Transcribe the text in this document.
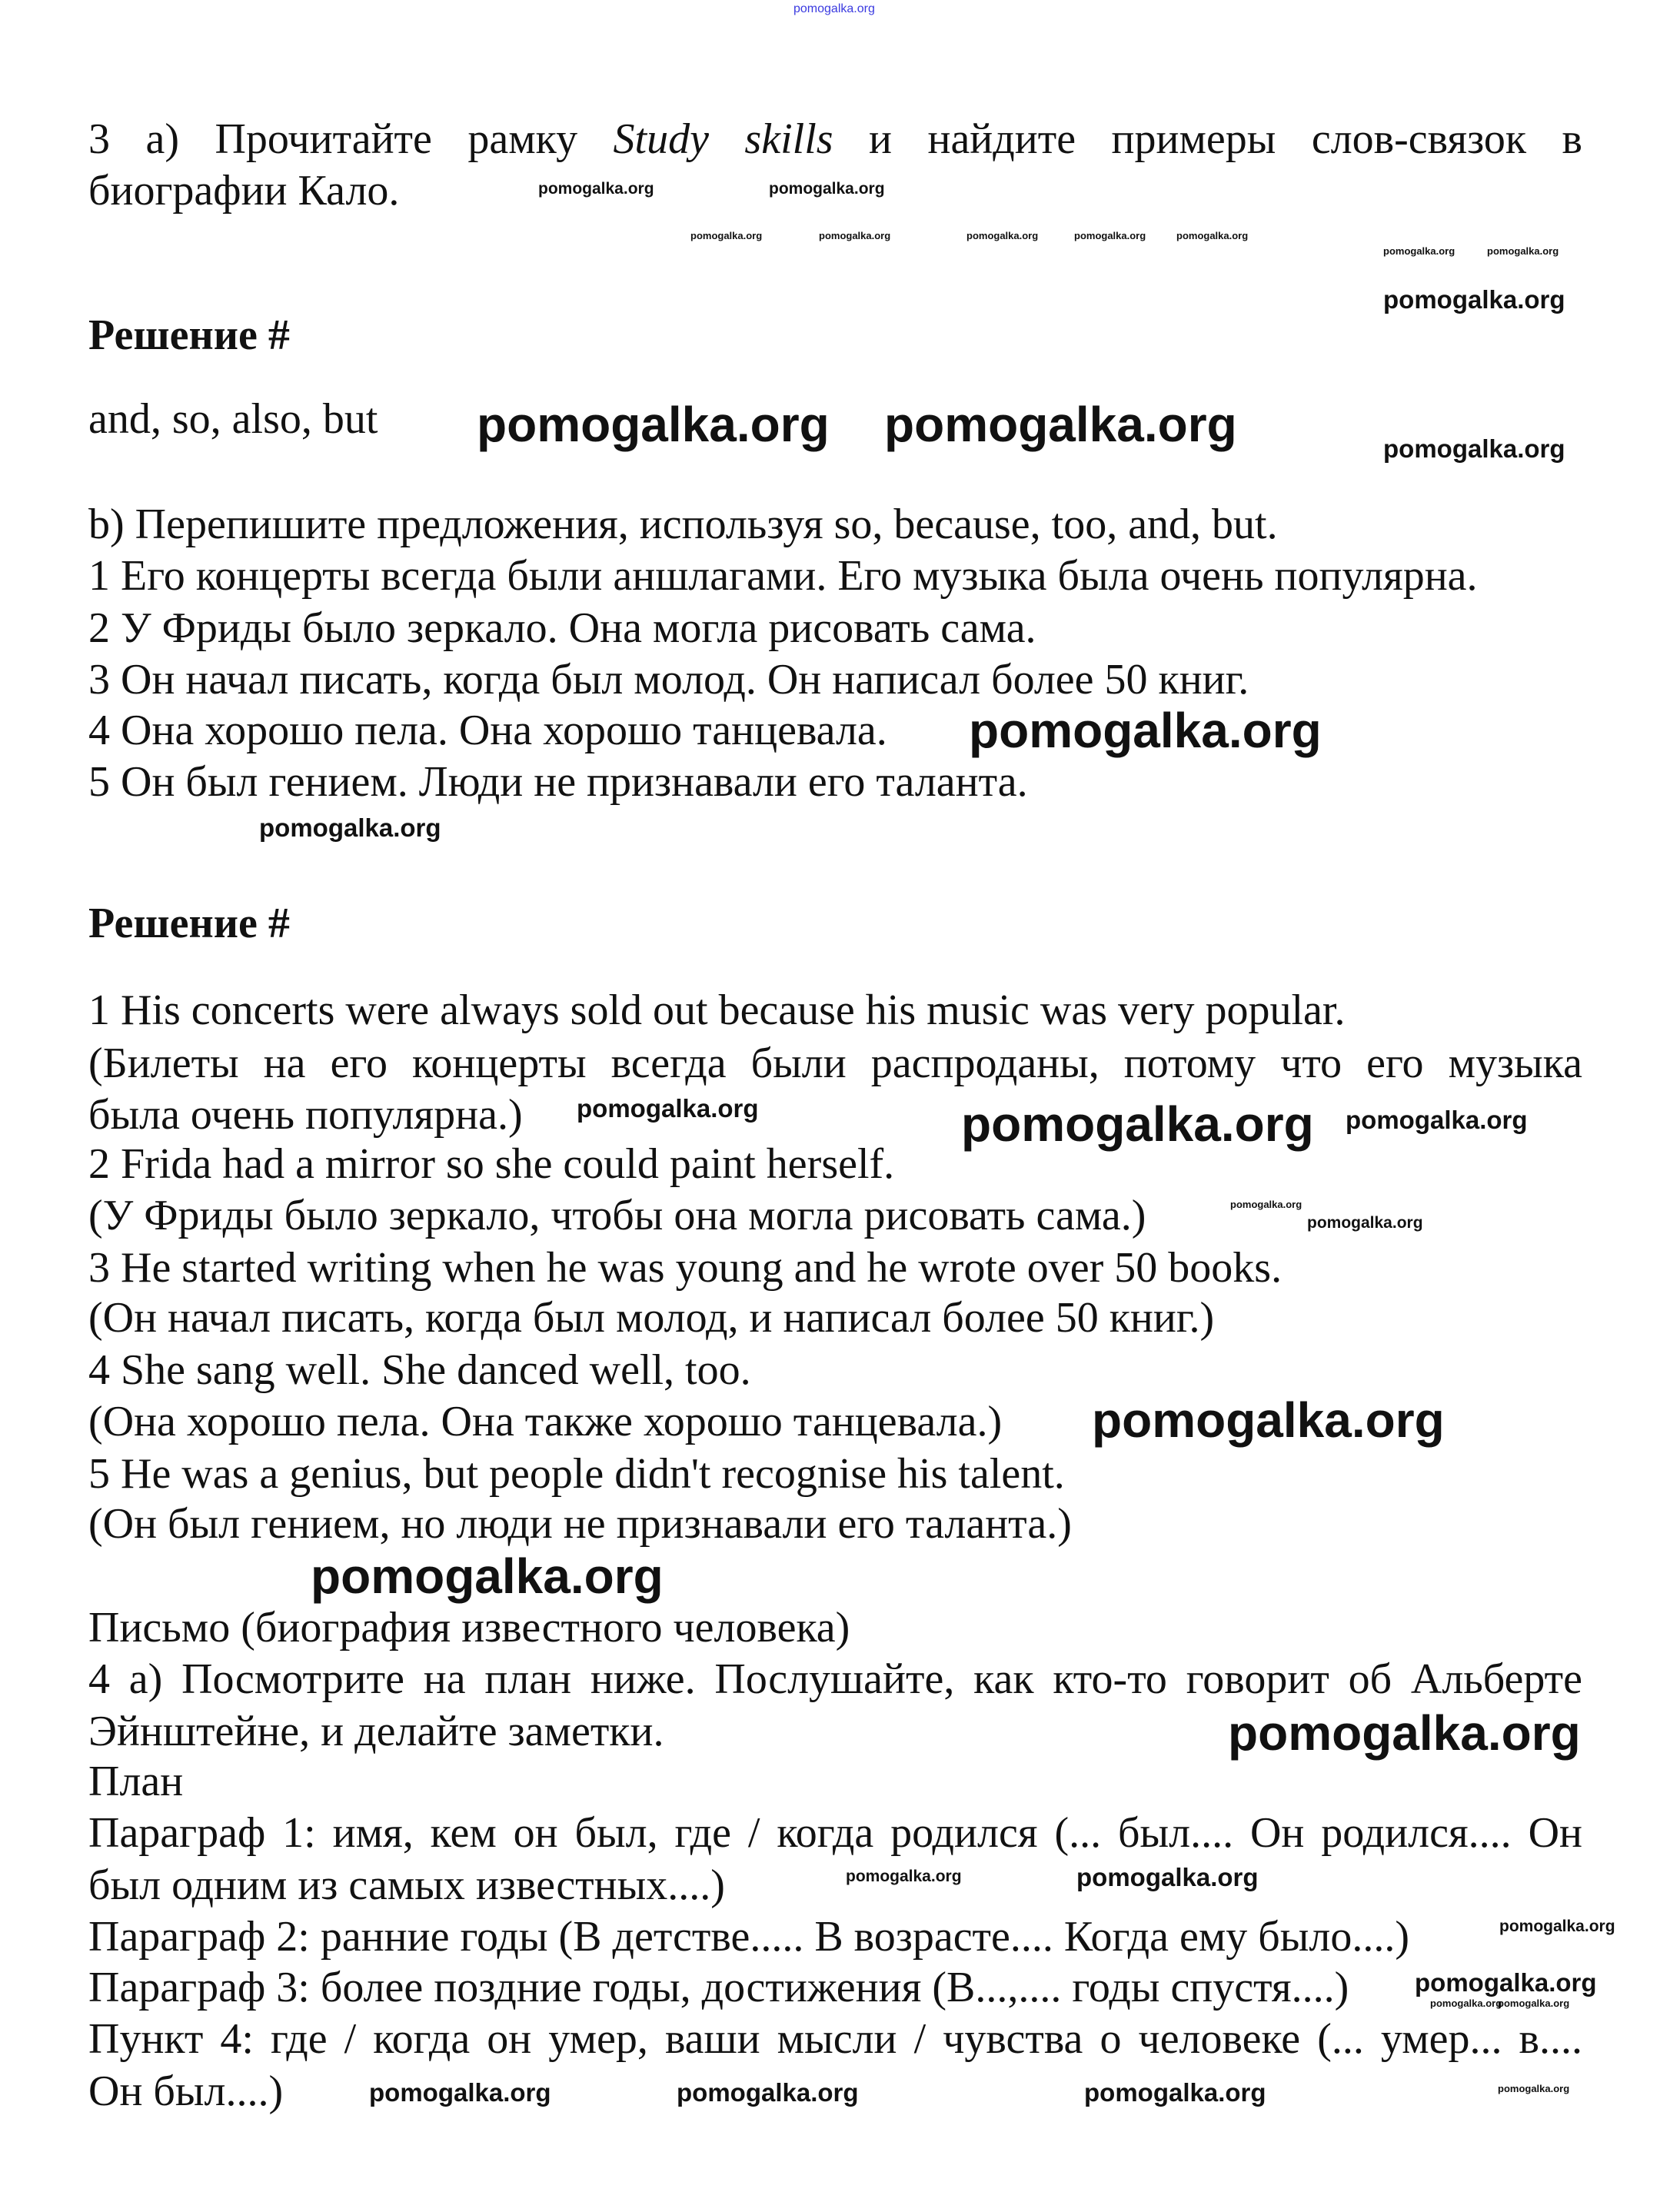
pomogalka.org
3 а) Прочитайте рамку Study skills и найдите примеры слов-связок в
биографии Кало.
Решение #
and, so, also, but
b) Перепишите предложения, используя so, because, too, and, but.
1 Его концерты всегда были аншлагами. Его музыка была очень популярна.
2 У Фриды было зеркало. Она могла рисовать сама.
3 Он начал писать, когда был молод. Он написал более 50 книг.
4 Она хорошо пела. Она хорошо танцевала.
5 Он был гением. Люди не признавали его таланта.
Решение #
1 His concerts were always sold out because his music was very popular.
(Билеты на его концерты всегда были распроданы, потому что его музыка
была очень популярна.)
2 Frida had a mirror so she could paint herself.
(У Фриды было зеркало, чтобы она могла рисовать сама.)
3 He started writing when he was young and he wrote over 50 books.
(Он начал писать, когда был молод, и написал более 50 книг.)
4 She sang well. She danced well, too.
(Она хорошо пела. Она также хорошо танцевала.)
5 He was a genius, but people didn't recognise his talent.
(Он был гением, но люди не признавали его таланта.)
Письмо (биография известного человека)
4 а) Посмотрите на план ниже. Послушайте, как кто-то говорит об Альберте
Эйнштейне, и делайте заметки.
План
Параграф 1: имя, кем он был, где / когда родился (... был.... Он родился.... Он
был одним из самых известных....)
Параграф 2: ранние годы (В детстве..... В возрасте.... Когда ему было....)
Параграф 3: более поздние годы, достижения (В...,.... годы спустя....)
Пункт 4: где / когда он умер, ваши мысли / чувства о человеке (... умер... в....
Он был....)
pomogalka.org	pomogalka.org	pomogalka.org	pomogalka.org	pomogalka.org
pomogalka.org	pomogalka.org
pomogalka.org	pomogalka.org
pomogalka.org
pomogalka.org	pomogalka.org
pomogalka.org
pomogalka.org
pomogalka.org
pomogalka.org	pomogalka.org pomogalka.org
pomogalka.org
pomogalka.org
pomogalka.org
pomogalka.org
pomogalka.org
pomogalka.org	pomogalka.org
pomogalka.org
pomogalka.org
pomogalka.org
pomogalka.org
pomogalka.org	pomogalka.org	pomogalka.org	pomogalka.org
